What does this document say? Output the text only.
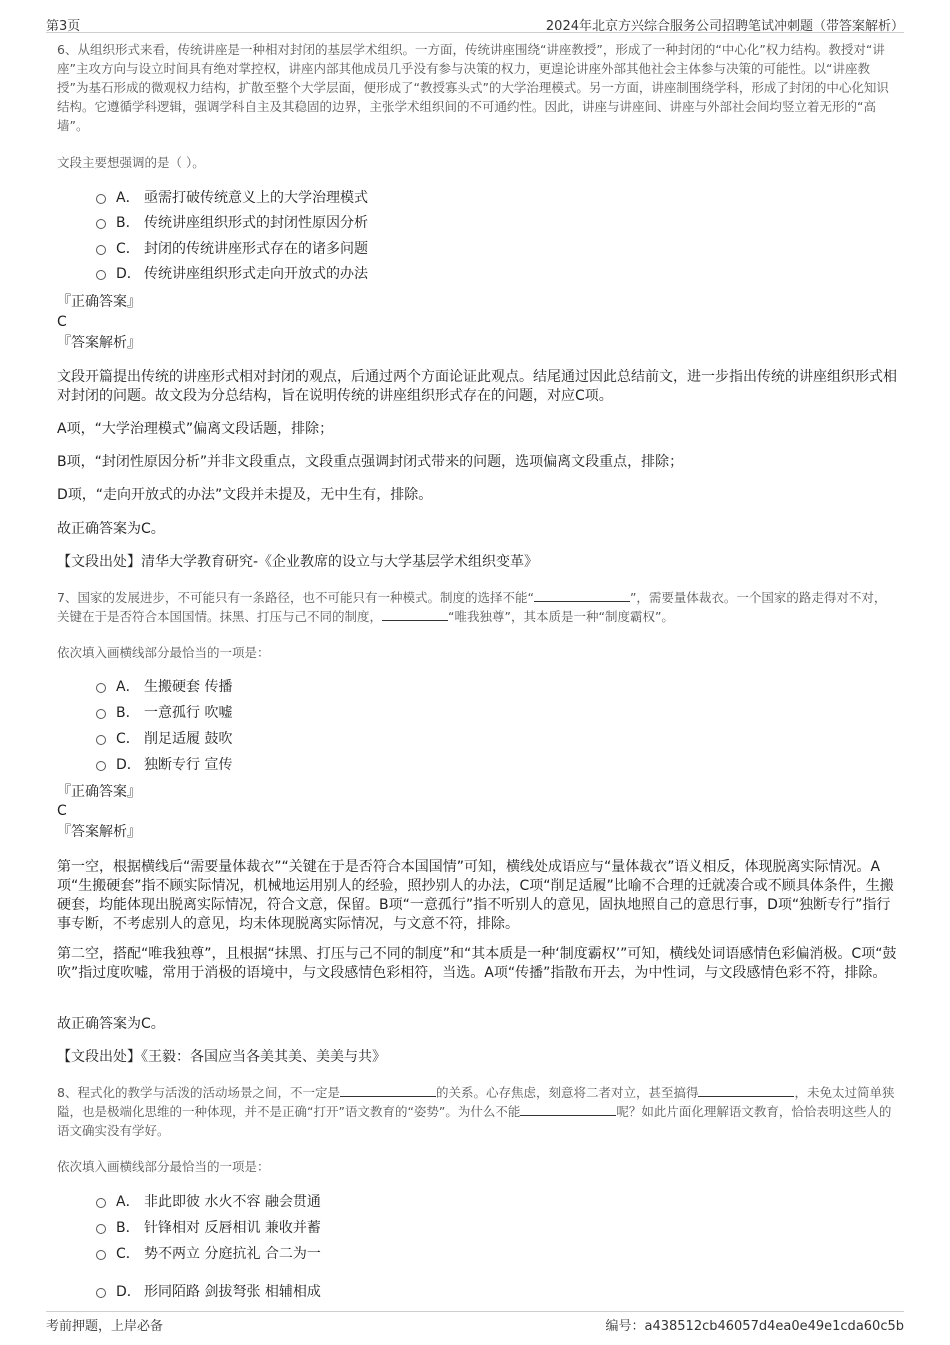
第3页	2024年北京方兴综合服务公司招聘笔试冲刺题（带答案解析）
6、从组织形式来看，传统讲座是一种相对封闭的基层学术组织。一方面，传统讲座围绕“讲座教授”，形成了一种封闭的“中心化”权力结构。教授对“讲座”主攻方向与设立时间具有绝对掌控权，讲座内部其他成员几乎没有参与决策的权力，更遑论讲座外部其他社会主体参与决策的可能性。以“讲座教授”为基石形成的微观权力结构，扩散至整个大学层面，便形成了“教授寡头式”的大学治理模式。另一方面，讲座制围绕学科，形成了封闭的中心化知识结构。它遵循学科逻辑，强调学科自主及其稳固的边界，主张学术组织间的不可通约性。因此，讲座与讲座间、讲座与外部社会间均竖立着无形的“高墙”。
文段主要想强调的是（ ）。
A． 亟需打破传统意义上的大学治理模式
B． 传统讲座组织形式的封闭性原因分析
C． 封闭的传统讲座形式存在的诸多问题
D． 传统讲座组织形式走向开放式的办法
『正确答案』
C
『答案解析』
文段开篇提出传统的讲座形式相对封闭的观点，后通过两个方面论证此观点。结尾通过因此总结前文，进一步指出传统的讲座组织形式相对封闭的问题。故文段为分总结构，旨在说明传统的讲座组织形式存在的问题，对应C项。
A项，“大学治理模式”偏离文段话题，排除；
B项，“封闭性原因分析”并非文段重点，文段重点强调封闭式带来的问题，选项偏离文段重点，排除；
D项，“走向开放式的办法”文段并未提及，无中生有，排除。
故正确答案为C。
【文段出处】清华大学教育研究-《企业教席的设立与大学基层学术组织变革》
7、国家的发展进步，不可能只有一条路径，也不可能只有一种模式。制度的选择不能“	”，需要量体裁衣。一个国家的路走得对不对，关键在于是否符合本国国情。抹黑、打压与己不同的制度，	“唯我独尊”，其本质是一种“制度霸权”。
依次填入画横线部分最恰当的一项是：
A． 生搬硬套 传播
B． 一意孤行 吹嘘
C． 削足适履 鼓吹
D． 独断专行 宣传
『正确答案』
C
『答案解析』
第一空，根据横线后“需要量体裁衣”“关键在于是否符合本国国情”可知，横线处成语应与“量体裁衣”语义相反，体现脱离实际情况。A项“生搬硬套”指不顾实际情况，机械地运用别人的经验，照抄别人的办法，C项“削足适履”比喻不合理的迁就凑合或不顾具体条件，生搬硬套，均能体现出脱离实际情况，符合文意，保留。B项“一意孤行”指不听别人的意见，固执地照自己的意思行事，D项“独断专行”指行事专断，不考虑别人的意见，均未体现脱离实际情况，与文意不符，排除。
第二空，搭配“唯我独尊”，且根据“抹黑、打压与己不同的制度”和“其本质是一种‘制度霸权’”可知，横线处词语感情色彩偏消极。C项“鼓吹”指过度吹嘘，常用于消极的语境中，与文段感情色彩相符，当选。A项“传播”指散布开去，为中性词，与文段感情色彩不符，排除。
故正确答案为C。
【文段出处】《王毅：各国应当各美其美、美美与共》
8、程式化的教学与活泼的活动场景之间，不一定是	的关系。心存焦虑，刻意将二者对立，甚至搞得	，未免太过简单狭隘，也是极端化思维的一种体现，并不是正确“打开”语文教育的“姿势”。为什么不能	呢？如此片面化理解语文教育，恰恰表明这些人的语文确实没有学好。
依次填入画横线部分最恰当的一项是：
A． 非此即彼 水火不容 融会贯通
B． 针锋相对 反唇相讥 兼收并蓄
C． 势不两立 分庭抗礼 合二为一
D． 形同陌路 剑拔弩张 相辅相成
考前押题，上岸必备	编号：a438512cb46057d4ea0e49e1cda60c5b
